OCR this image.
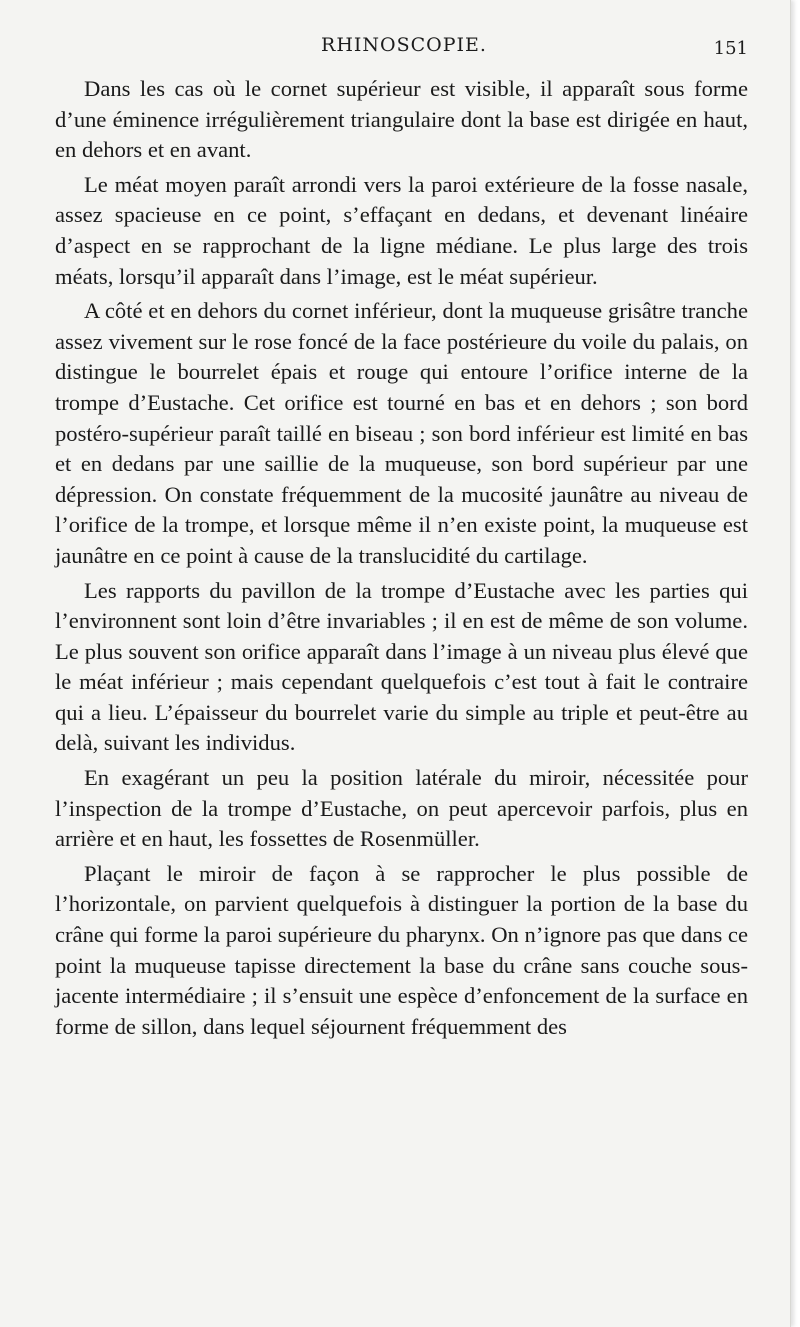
RHINOSCOPIE.	151

Dans les cas où le cornet supérieur est visible, il apparaît sous forme d’une éminence irrégulièrement triangulaire dont la base est dirigée en haut, en dehors et en avant.

Le méat moyen paraît arrondi vers la paroi extérieure de la fosse nasale, assez spacieuse en ce point, s’effaçant en dedans, et devenant linéaire d’aspect en se rapprochant de la ligne médiane. Le plus large des trois méats, lorsqu’il apparaît dans l’image, est le méat supérieur.

A côté et en dehors du cornet inférieur, dont la muqueuse grisâtre tranche assez vivement sur le rose foncé de la face postérieure du voile du palais, on distingue le bourrelet épais et rouge qui entoure l’orifice interne de la trompe d’Eustache. Cet orifice est tourné en bas et en dehors ; son bord postéro-supérieur paraît taillé en biseau ; son bord inférieur est limité en bas et en dedans par une saillie de la muqueuse, son bord supérieur par une dépression. On constate fréquemment de la mucosité jaunâtre au niveau de l’orifice de la trompe, et lorsque même il n’en existe point, la muqueuse est jaunâtre en ce point à cause de la translucidité du cartilage.

Les rapports du pavillon de la trompe d’Eustache avec les parties qui l’environnent sont loin d’être invariables ; il en est de même de son volume. Le plus souvent son orifice apparaît dans l’image à un niveau plus élevé que le méat inférieur ; mais cependant quelquefois c’est tout à fait le contraire qui a lieu. L’épaisseur du bourrelet varie du simple au triple et peut-être au delà, suivant les individus.

En exagérant un peu la position latérale du miroir, nécessitée pour l’inspection de la trompe d’Eustache, on peut apercevoir parfois, plus en arrière et en haut, les fossettes de Rosenmüller.

Plaçant le miroir de façon à se rapprocher le plus possible de l’horizontale, on parvient quelquefois à distinguer la portion de la base du crâne qui forme la paroi supérieure du pharynx. On n’ignore pas que dans ce point la muqueuse tapisse directement la base du crâne sans couche sous-jacente intermédiaire ; il s’ensuit une espèce d’enfoncement de la surface en forme de sillon, dans lequel séjournent fréquemment des
